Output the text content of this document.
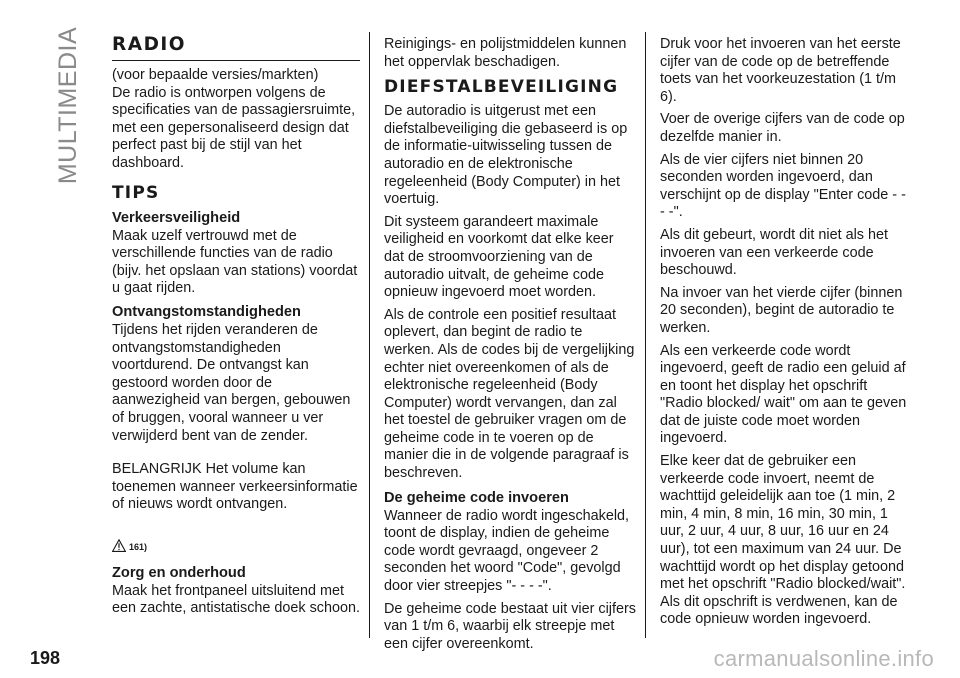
MULTIMEDIA RADIO

(voor bepaalde versies/markten)

De radio is ontworpen volgens de specificaties van de passagiersruimte, met een gepersonaliseerd design dat perfect past bij de stijl van het dashboard.

TIPS
Verkeersveiligheid

Maak uzelf vertrouwd met de verschillende functies van de radio (bijv. het opslaan van stations) voordat u gaat rijden.

Ontvangstomstandigheden

Tijdens het rijden veranderen de ontvangstomstandigheden voortdurend. De ontvangst kan gestoord worden door de aanwezigheid van bergen, gebouwen of bruggen, vooral wanneer u ver verwijderd bent van de zender.

BELANGRIJK Het volume kan toenemen wanneer verkeersinformatie of nieuws wordt ontvangen.

161)
Zorg en onderhoud

Maak het frontpaneel uitsluitend met een zachte, antistatische doek schoon.

Reinigings- en polijstmiddelen kunnen het oppervlak beschadigen.

DIEFSTALBEVEILIGING

De autoradio is uitgerust met een diefstalbeveiliging die gebaseerd is op de informatie-uitwisseling tussen de autoradio en de elektronische regeleenheid (Body Computer) in het voertuig.

Dit systeem garandeert maximale veiligheid en voorkomt dat elke keer dat de stroomvoorziening van de autoradio uitvalt, de geheime code opnieuw ingevoerd moet worden.

Als de controle een positief resultaat oplevert, dan begint de radio te werken. Als de codes bij de vergelijking echter niet overeenkomen of als de elektronische regeleenheid (Body Computer) wordt vervangen, dan zal het toestel de gebruiker vragen om de geheime code in te voeren op de manier die in de volgende paragraaf is beschreven.

De geheime code invoeren

Wanneer de radio wordt ingeschakeld, toont de display, indien de geheime code wordt gevraagd, ongeveer 2 seconden het woord "Code", gevolgd door vier streepjes "- - - -".

De geheime code bestaat uit vier cijfers van 1 t/m 6, waarbij elk streepje met een cijfer overeenkomt.

Druk voor het invoeren van het eerste cijfer van de code op de betreffende toets van het voorkeuzestation (1 t/m 6).

Voer de overige cijfers van de code op dezelfde manier in.

Als de vier cijfers niet binnen 20 seconden worden ingevoerd, dan verschijnt op de display "Enter code - - - -".

Als dit gebeurt, wordt dit niet als het invoeren van een verkeerde code beschouwd.

Na invoer van het vierde cijfer (binnen 20 seconden), begint de autoradio te werken.

Als een verkeerde code wordt ingevoerd, geeft de radio een geluid af en toont het display het opschrift "Radio blocked/ wait" om aan te geven dat de juiste code moet worden ingevoerd.

Elke keer dat de gebruiker een verkeerde code invoert, neemt de wachttijd geleidelijk aan toe (1 min, 2 min, 4 min, 8 min, 16 min, 30 min, 1 uur, 2 uur, 4 uur, 8 uur, 16 uur en 24 uur), tot een maximum van 24 uur. De wachttijd wordt op het display getoond met het opschrift "Radio blocked/wait". Als dit opschrift is verdwenen, kan de code opnieuw worden ingevoerd.

198	carmanualsonline.info
